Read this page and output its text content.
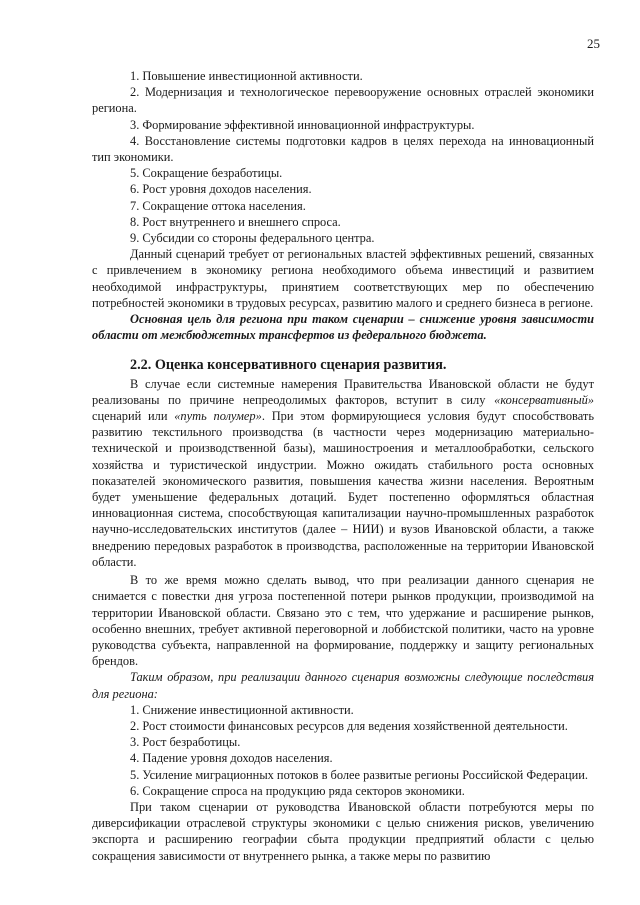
25

1. Повышение инвестиционной активности.

2. Модернизация и технологическое перевооружение основных отраслей экономики региона.

3. Формирование эффективной инновационной инфраструктуры.

4. Восстановление системы подготовки кадров в целях перехода на инновационный тип экономики.

5. Сокращение безработицы.

6. Рост уровня доходов населения.

7. Сокращение оттока населения.

8. Рост внутреннего и внешнего спроса.

9. Субсидии со стороны федерального центра.

Данный сценарий требует от региональных властей эффективных решений, связанных с привлечением в экономику региона необходимого объема инвестиций и развитием необходимой инфраструктуры, принятием соответствующих мер по обеспечению потребностей экономики в трудовых ресурсах, развитию малого и среднего бизнеса в регионе.

Основная цель для региона при таком сценарии – снижение уровня зависимости области от межбюджетных трансфертов из федерального бюджета.

2.2. Оценка консервативного сценария развития.

В случае если системные намерения Правительства Ивановской области не будут реализованы по причине непреодолимых факторов, вступит в силу «консервативный» сценарий или «путь полумер». При этом формирующиеся условия будут способствовать развитию текстильного производства (в частности через модернизацию материально-технической и производственной базы), машиностроения и металлообработки, сельского хозяйства и туристической индустрии. Можно ожидать стабильного роста основных показателей экономического развития, повышения качества жизни населения. Вероятным будет уменьшение федеральных дотаций. Будет постепенно оформляться областная инновационная система, способствующая капитализации научно-промышленных разработок научно-исследовательских институтов (далее – НИИ) и вузов Ивановской области, а также внедрению передовых разработок в производства, расположенные на территории Ивановской области.

В то же время можно сделать вывод, что при реализации данного сценария не снимается с повестки дня угроза постепенной потери рынков продукции, производимой на территории Ивановской области. Связано это с тем, что удержание и расширение рынков, особенно внешних, требует активной переговорной и лоббистской политики, часто на уровне руководства субъекта, направленной на формирование, поддержку и защиту региональных брендов.

Таким образом, при реализации данного сценария возможны следующие последствия для региона:

1. Снижение инвестиционной активности.

2. Рост стоимости финансовых ресурсов для ведения хозяйственной деятельности.

3. Рост безработицы.

4. Падение уровня доходов населения.

5. Усиление миграционных потоков в более развитые регионы Российской Федерации.

6. Сокращение спроса на продукцию ряда секторов экономики.

При таком сценарии от руководства Ивановской области потребуются меры по диверсификации отраслевой структуры экономики с целью снижения рисков, увеличению экспорта и расширению географии сбыта продукции предприятий области с целью сокращения зависимости от внутреннего рынка, а также меры по развитию
